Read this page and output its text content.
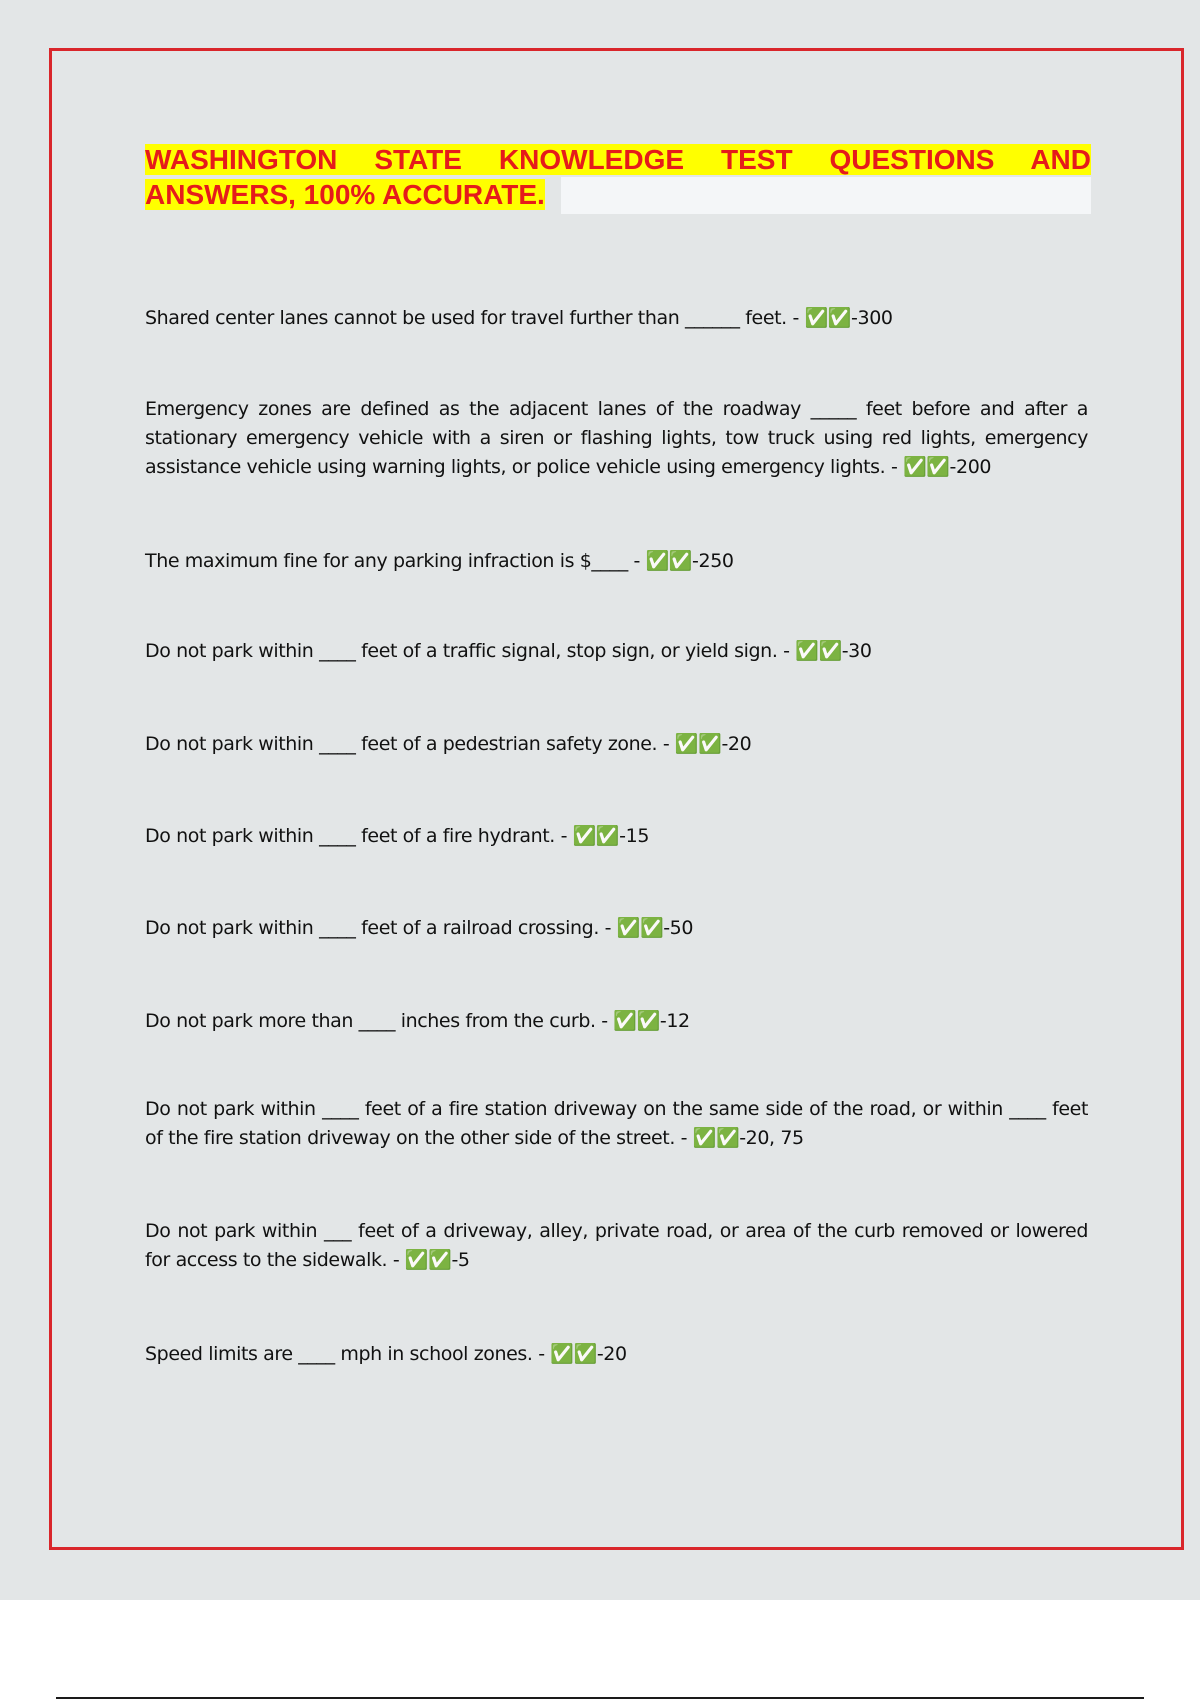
WASHINGTON STATE KNOWLEDGE TEST QUESTIONS AND
ANSWERS, 100% ACCURATE.

Shared center lanes cannot be used for travel further than ______ feet. - ✅✅-300

Emergency zones are defined as the adjacent lanes of the roadway _____ feet before and after a stationary emergency vehicle with a siren or flashing lights, tow truck using red lights, emergency assistance vehicle using warning lights, or police vehicle using emergency lights. - ✅✅-200

The maximum fine for any parking infraction is $____ - ✅✅-250

Do not park within ____ feet of a traffic signal, stop sign, or yield sign. - ✅✅-30

Do not park within ____ feet of a pedestrian safety zone. - ✅✅-20

Do not park within ____ feet of a fire hydrant. - ✅✅-15

Do not park within ____ feet of a railroad crossing. - ✅✅-50

Do not park more than ____ inches from the curb. - ✅✅-12

Do not park within ____ feet of a fire station driveway on the same side of the road, or within ____ feet of the fire station driveway on the other side of the street. - ✅✅-20, 75

Do not park within ___ feet of a driveway, alley, private road, or area of the curb removed or lowered for access to the sidewalk. - ✅✅-5

Speed limits are ____ mph in school zones. - ✅✅-20
